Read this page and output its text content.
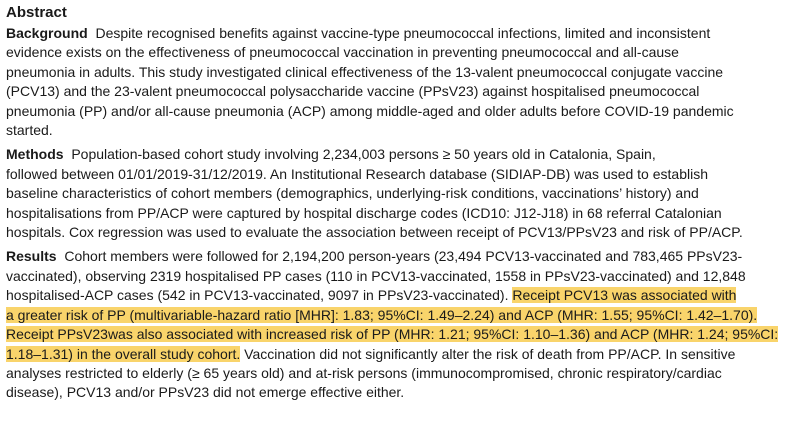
Abstract
Background Despite recognised benefits against vaccine-type pneumococcal infections, limited and inconsistent
evidence exists on the effectiveness of pneumococcal vaccination in preventing pneumococcal and all-cause
pneumonia in adults. This study investigated clinical effectiveness of the 13-valent pneumococcal conjugate vaccine
(PCV13) and the 23-valent pneumococcal polysaccharide vaccine (PPsV23) against hospitalised pneumococcal
pneumonia (PP) and/or all-cause pneumonia (ACP) among middle-aged and older adults before COVID-19 pandemic
started.
Methods Population-based cohort study involving 2,234,003 persons ≥ 50 years old in Catalonia, Spain,
followed between 01/01/2019-31/12/2019. An Institutional Research database (SIDIAP-DB) was used to establish
baseline characteristics of cohort members (demographics, underlying-risk conditions, vaccinations’ history) and
hospitalisations from PP/ACP were captured by hospital discharge codes (ICD10: J12-J18) in 68 referral Catalonian
hospitals. Cox regression was used to evaluate the association between receipt of PCV13/PPsV23 and risk of PP/ACP.
Results Cohort members were followed for 2,194,200 person-years (23,494 PCV13-vaccinated and 783,465 PPsV23-
vaccinated), observing 2319 hospitalised PP cases (110 in PCV13-vaccinated, 1558 in PPsV23-vaccinated) and 12,848
hospitalised-ACP cases (542 in PCV13-vaccinated, 9097 in PPsV23-vaccinated). Receipt PCV13 was associated with
a greater risk of PP (multivariable-hazard ratio [MHR]: 1.83; 95%CI: 1.49–2.24) and ACP (MHR: 1.55; 95%CI: 1.42–1.70).
Receipt PPsV23was also associated with increased risk of PP (MHR: 1.21; 95%CI: 1.10–1.36) and ACP (MHR: 1.24; 95%CI:
1.18–1.31) in the overall study cohort. Vaccination did not significantly alter the risk of death from PP/ACP. In sensitive
analyses restricted to elderly (≥ 65 years old) and at-risk persons (immunocompromised, chronic respiratory/cardiac
disease), PCV13 and/or PPsV23 did not emerge effective either.
